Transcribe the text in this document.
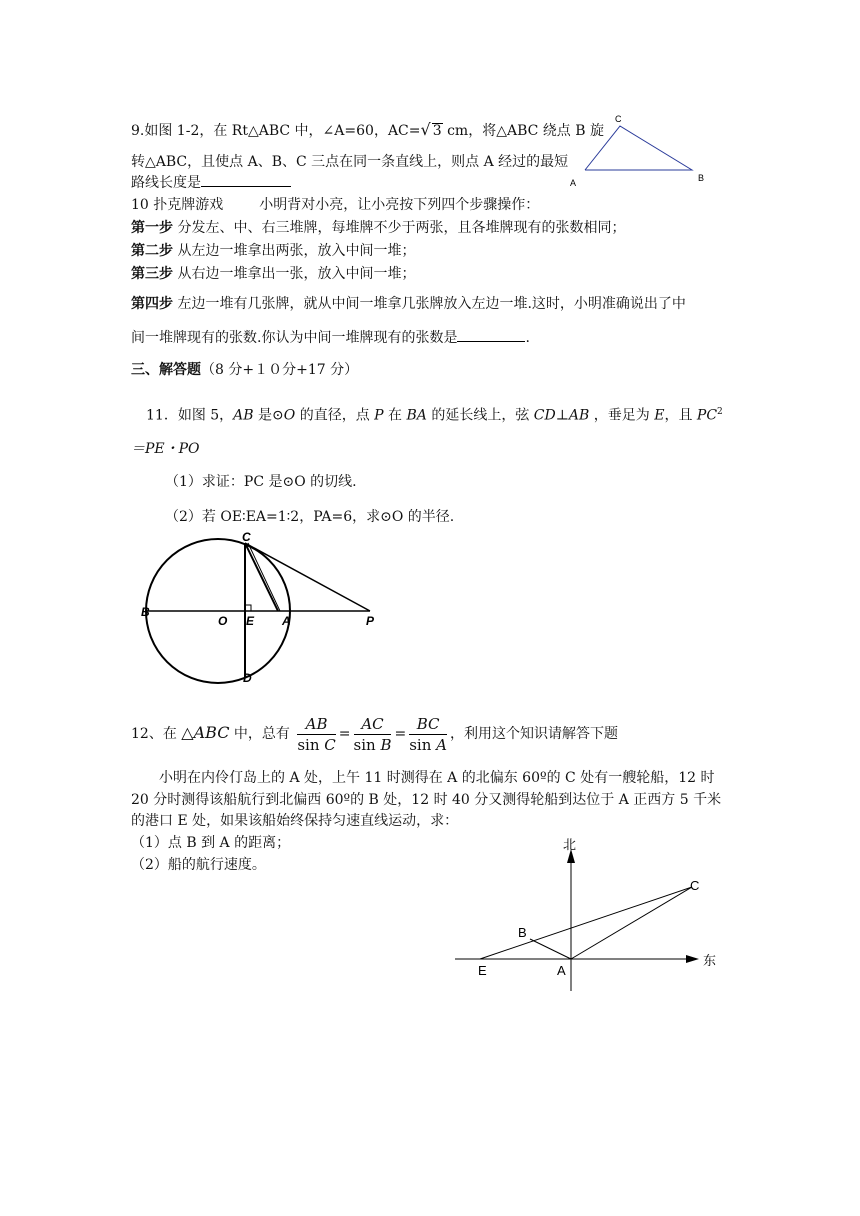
9.如图 1-2，在 Rt△ABC 中，∠A=60，AC=√ 3 cm，将△ABC 绕点 B 旋
转△ABC，且使点 A、B、C 三点在同一条直线上，则点 A 经过的最短
路线长度是
C
A	B
10 扑克牌游戏	小明背对小亮，让小亮按下列四个步骤操作：
第一步 分发左、中、右三堆牌，每堆牌不少于两张，且各堆牌现有的张数相同；
第二步 从左边一堆拿出两张，放入中间一堆；
第三步 从右边一堆拿出一张，放入中间一堆；
第四步 左边一堆有几张牌，就从中间一堆拿几张牌放入左边一堆.这时，小明准确说出了中
间一堆牌现有的张数.你认为中间一堆牌现有的张数是	.
三、解答题（8 分+１０分+17 分）
11．如图 5，AB 是⊙O 的直径，点 P 在 BA 的延长线上，弦 CD⊥AB ，垂足为 E，且 $PC^2$
＝PE・PO
（1）求证：PC 是⊙O 的切线.
（2）若 OE∶EA=1∶2，PA=6，求⊙O 的半径.
C
B
O E A	P
D
12、在 △ABC 中，总有 $\frac{AB}{\text{sin C}} = \frac{AC}{\text{sin B}} = \frac{BC}{\text{sin A}}$ ，利用这个知识请解答下题
小明在内伶仃岛上的 A 处，上午 11 时测得在 A 的北偏东 60º的 C 处有一艘轮船，12 时
20 分时测得该船航行到北偏西 60º的 B 处，12 时 40 分又测得轮船到达位于 A 正西方 5 千米
的港口 E 处，如果该船始终保持匀速直线运动，求：
（1）点 B 到 A 的距离；
（2）船的航行速度。
北
东
C
B
E	A
